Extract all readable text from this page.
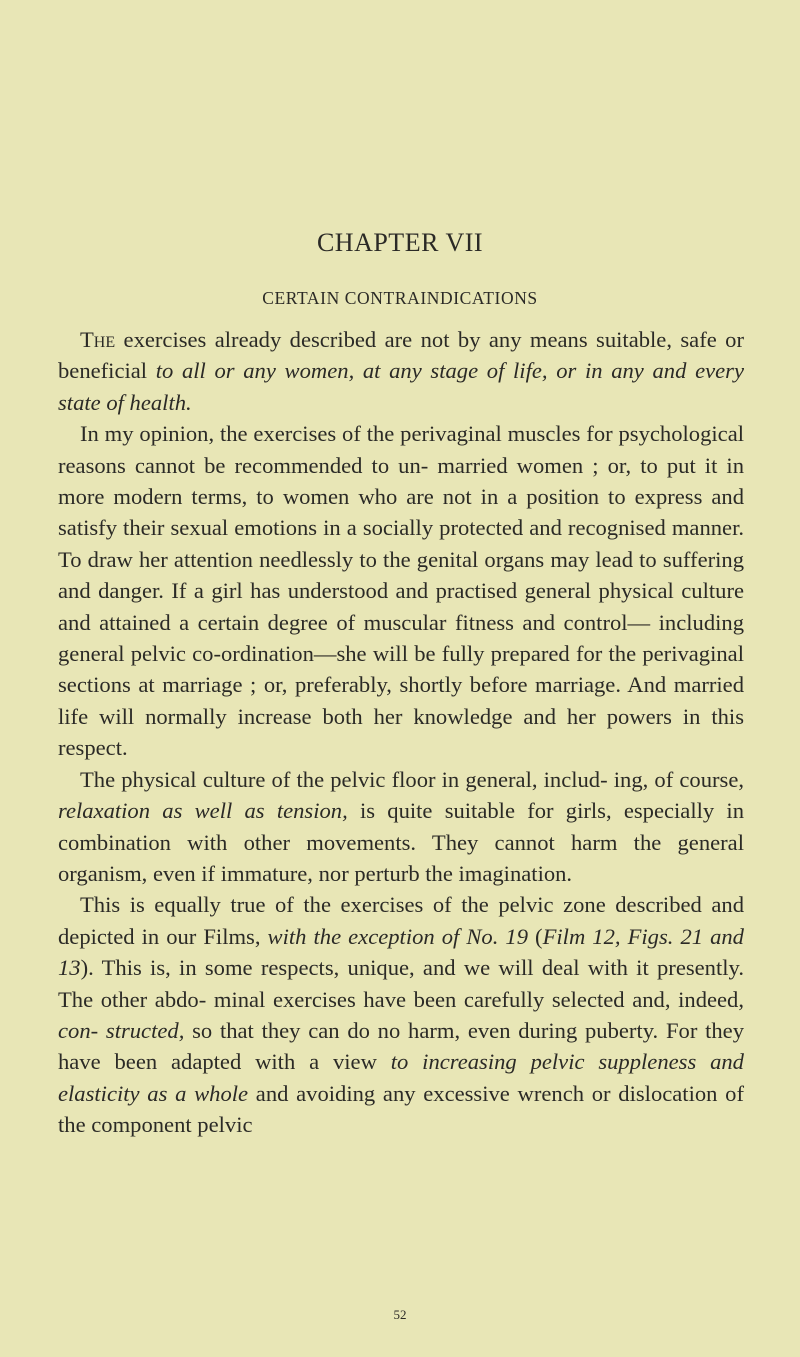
CHAPTER VII
CERTAIN CONTRAINDICATIONS

The exercises already described are not by any means suitable, safe or beneficial to all or any women, at any stage of life, or in any and every state of health.

In my opinion, the exercises of the perivaginal muscles for psychological reasons cannot be recommended to un- married women ; or, to put it in more modern terms, to women who are not in a position to express and satisfy their sexual emotions in a socially protected and recognised manner. To draw her attention needlessly to the genital organs may lead to suffering and danger. If a girl has understood and practised general physical culture and attained a certain degree of muscular fitness and control— including general pelvic co-ordination—she will be fully prepared for the perivaginal sections at marriage ; or, preferably, shortly before marriage. And married life will normally increase both her knowledge and her powers in this respect.

The physical culture of the pelvic floor in general, includ- ing, of course, relaxation as well as tension, is quite suitable for girls, especially in combination with other movements. They cannot harm the general organism, even if immature, nor perturb the imagination.

This is equally true of the exercises of the pelvic zone described and depicted in our Films, with the exception of No. 19 (Film 12, Figs. 21 and 13). This is, in some respects, unique, and we will deal with it presently. The other abdo- minal exercises have been carefully selected and, indeed, con- structed, so that they can do no harm, even during puberty. For they have been adapted with a view to increasing pelvic suppleness and elasticity as a whole and avoiding any excessive wrench or dislocation of the component pelvic

52
